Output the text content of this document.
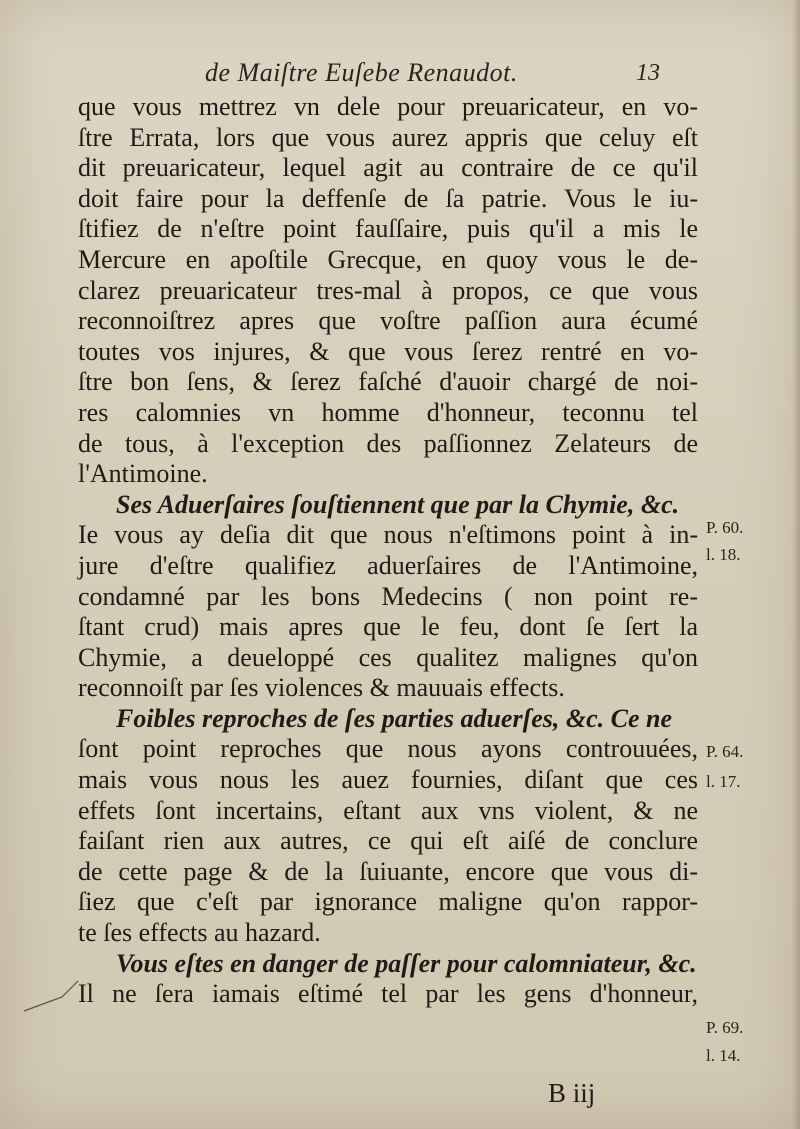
de Maiſtre Euſebe Renaudot.	13
que vous mettrez vn dele pour preuaricateur, en vo-
ſtre Errata, lors que vous aurez appris que celuy eſt
dit preuaricateur, lequel agit au contraire de ce qu'il
doit faire pour la deffenſe de ſa patrie. Vous le iu-
ſtifiez de n'eſtre point fauſſaire, puis qu'il a mis le
Mercure en apoſtile Grecque, en quoy vous le de-
clarez preuaricateur tres-mal à propos, ce que vous
reconnoiſtrez apres que voſtre paſſion aura écumé
toutes vos injures, & que vous ſerez rentré en vo-
ſtre bon ſens, & ſerez faſché d'auoir chargé de noi-
res calomnies vn homme d'honneur, teconnu tel
de tous, à l'exception des paſſionnez Zelateurs de
l'Antimoine.
Ses Aduerſaires ſouſtiennent que par la Chymie, &c.
Ie vous ay deſia dit que nous n'eſtimons point à in-
jure d'eſtre qualifiez aduerſaires de l'Antimoine,
condamné par les bons Medecins ( non point re-
ſtant crud) mais apres que le feu, dont ſe ſert la
Chymie, a deueloppé ces qualitez malignes qu'on
reconnoiſt par ſes violences & mauuais effects.
Foibles reproches de ſes parties aduerſes, &c. Ce ne
ſont point reproches que nous ayons controuuées,
mais vous nous les auez fournies, diſant que ces
effets ſont incertains, eſtant aux vns violent, & ne
faiſant rien aux autres, ce qui eſt aiſé de conclure
de cette page & de la ſuiuante, encore que vous di-
ſiez que c'eſt par ignorance maligne qu'on rappor-
te ſes effects au hazard.
Vous eſtes en danger de paſſer pour calomniateur, &c.
Il ne ſera iamais eſtimé tel par les gens d'honneur,
P. 60.
l. 18.
P. 64.
l. 17.
P. 69.
l. 14.
B iij
